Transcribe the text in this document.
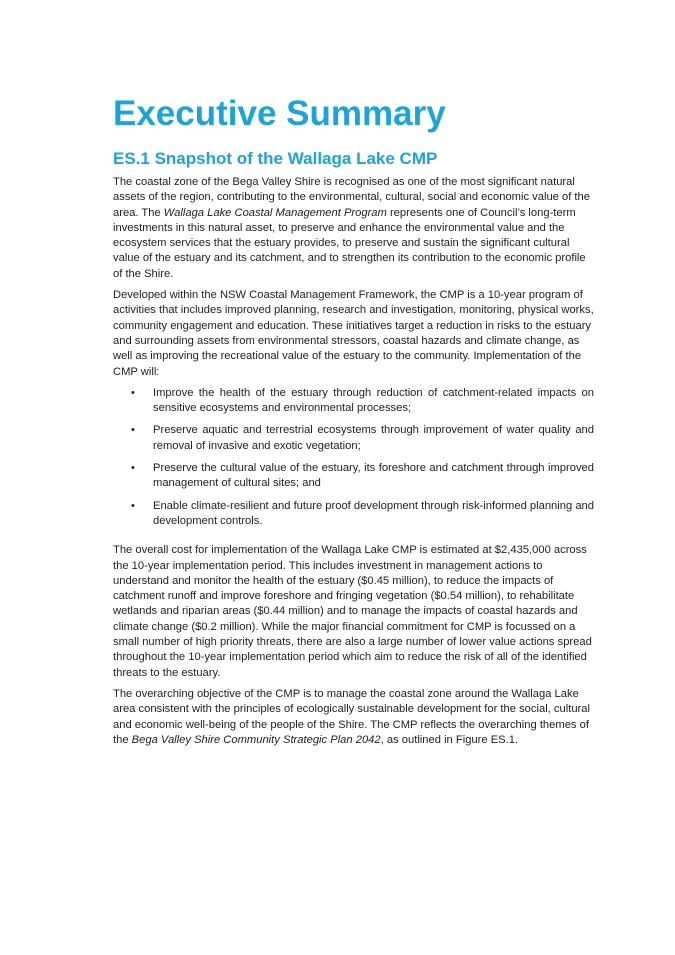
Executive Summary
ES.1 Snapshot of the Wallaga Lake CMP

The coastal zone of the Bega Valley Shire is recognised as one of the most significant natural assets of the region, contributing to the environmental, cultural, social and economic value of the area. The Wallaga Lake Coastal Management Program represents one of Council’s long-term investments in this natural asset, to preserve and enhance the environmental value and the ecosystem services that the estuary provides, to preserve and sustain the significant cultural value of the estuary and its catchment, and to strengthen its contribution to the economic profile of the Shire.

Developed within the NSW Coastal Management Framework, the CMP is a 10-year program of activities that includes improved planning, research and investigation, monitoring, physical works, community engagement and education. These initiatives target a reduction in risks to the estuary and surrounding assets from environmental stressors, coastal hazards and climate change, as well as improving the recreational value of the estuary to the community. Implementation of the CMP will:

• Improve the health of the estuary through reduction of catchment-related impacts on sensitive ecosystems and environmental processes;
• Preserve aquatic and terrestrial ecosystems through improvement of water quality and removal of invasive and exotic vegetation;
• Preserve the cultural value of the estuary, its foreshore and catchment through improved management of cultural sites; and
• Enable climate-resilient and future proof development through risk-informed planning and development controls.

The overall cost for implementation of the Wallaga Lake CMP is estimated at $2,435,000 across the 10-year implementation period. This includes investment in management actions to understand and monitor the health of the estuary ($0.45 million), to reduce the impacts of catchment runoff and improve foreshore and fringing vegetation ($0.54 million), to rehabilitate wetlands and riparian areas ($0.44 million) and to manage the impacts of coastal hazards and climate change ($0.2 million). While the major financial commitment for CMP is focussed on a small number of high priority threats, there are also a large number of lower value actions spread throughout the 10-year implementation period which aim to reduce the risk of all of the identified threats to the estuary.

The overarching objective of the CMP is to manage the coastal zone around the Wallaga Lake area consistent with the principles of ecologically sustainable development for the social, cultural and economic well-being of the people of the Shire. The CMP reflects the overarching themes of the Bega Valley Shire Community Strategic Plan 2042, as outlined in Figure ES.1.
